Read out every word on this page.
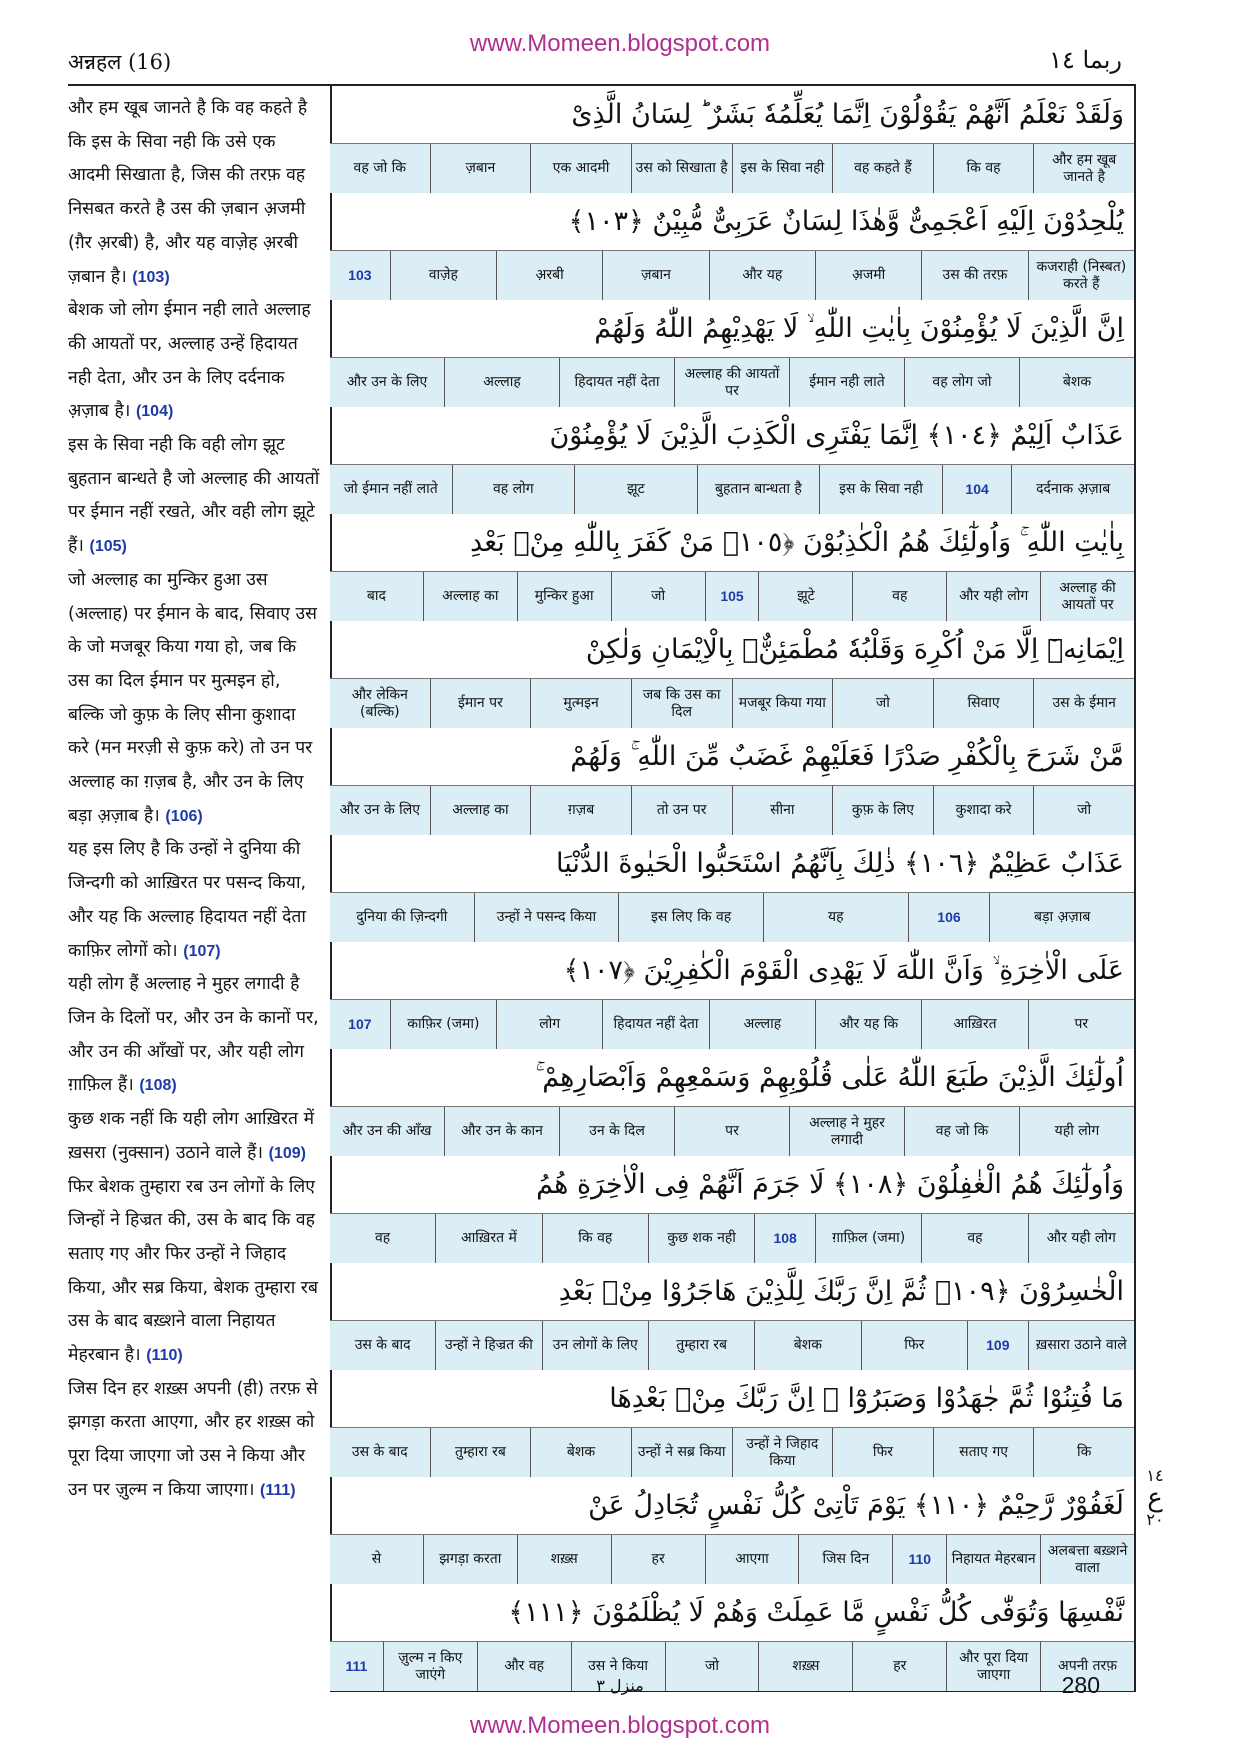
www.Momeen.blogspot.com
अन्नहल (16)	ربما ١٤

और हम खूब जानते है कि वह कहते है कि इस के सिवा नही कि उसे एक आदमी सिखाता है, जिस की तरफ़ वह निसबत करते है उस की ज़बान अ़जमी (ग़ैर अ़रबी) है, और यह वाज़ेह अ़रबी ज़बान है। (103)

बेशक जो लोग ईमान नही लाते अल्लाह की आयतों पर, अल्लाह उन्हें हिदायत नही देता, और उन के लिए दर्दनाक अ़ज़ाब है। (104)

इस के सिवा नही कि वही लोग झूट बुहतान बान्धते है जो अल्लाह की आयतों पर ईमान नहीं रखते, और वही लोग झूटे हैं। (105)

जो अल्लाह का मुन्किर हुआ उस (अल्लाह) पर ईमान के बाद, सिवाए उस के जो मजबूर किया गया हो, जब कि उस का दिल ईमान पर मुत्मइन हो, बल्कि जो कुफ़ के लिए सीना कुशादा करे (मन मरज़ी से कुफ़ करे) तो उन पर अल्लाह का ग़ज़ब है, और उन के लिए बड़ा अ़ज़ाब है। (106)

यह इस लिए है कि उन्हों ने दुनिया की जिन्दगी को आख़िरत पर पसन्द किया, और यह कि अल्लाह हिदायत नहीं देता काफ़िर लोगों को। (107)

यही लोग हैं अल्लाह ने मुहर लगादी है जिन के दिलों पर, और उन के कानों पर, और उन की आँखों पर, और यही लोग ग़ाफ़िल हैं। (108)

कुछ शक नहीं कि यही लोग आख़िरत में ख़सरा (नुक्सान) उठाने वाले हैं। (109)

फिर बेशक तुम्हारा रब उन लोगों के लिए जिन्हों ने हिज्रत की, उस के बाद कि वह सताए गए और फिर उन्हों ने जिहाद किया, और सब्र किया, बेशक तुम्हारा रब उस के बाद बख़्शने वाला निहायत मेहरबान है। (110)

जिस दिन हर शख़्स अपनी (ही) तरफ़ से झगड़ा करता आएगा, और हर शख़्स को पूरा दिया जाएगा जो उस ने किया और उन पर ज़ुल्म न किया जाएगा। (111)

وَلَقَدْ نَعْلَمُ اَنَّهُمْ يَقُوْلُوْنَ اِنَّمَا يُعَلِّمُهٗ بَشَرٌ ؕ لِسَانُ الَّذِىْ
और हम खूब जानते है
कि वह
वह कहते हैं
इस के सिवा नही
उस को सिखाता है
एक आदमी
ज़बान
वह जो कि
يُلْحِدُوْنَ اِلَيْهِ اَعْجَمِىٌّ وَّهٰذَا لِسَانٌ عَرَبِىٌّ مُّبِيْنٌ ﴿١٠٣﴾
कजराही (निस्बत) करते हैं
उस की तरफ़
अ़जमी
और यह
ज़बान
अ़रबी
वाज़ेह
103
اِنَّ الَّذِيْنَ لَا يُؤْمِنُوْنَ بِاٰيٰتِ اللّٰهِ ۙ لَا يَهْدِيْهِمُ اللّٰهُ وَلَهُمْ
बेशक
वह लोग जो
ईमान नही लाते
अल्लाह की आयतों पर
हिदायत नहीं देता
अल्लाह
और उन के लिए
عَذَابٌ اَلِيْمٌ ﴿١٠٤﴾ اِنَّمَا يَفْتَرِى الْكَذِبَ الَّذِيْنَ لَا يُؤْمِنُوْنَ
दर्दनाक अ़ज़ाब
104
इस के सिवा नही
बुहतान बान्धता है
झूट
वह लोग
जो ईमान नहीं लाते
بِاٰيٰتِ اللّٰهِ ۚ وَاُولٰٓئِكَ هُمُ الْكٰذِبُوْنَ ﴿١٠٥﴾ مَنْ كَفَرَ بِاللّٰهِ مِنْۢ بَعْدِ
अल्लाह की आयतों पर
और यही लोग
वह
झूटे
105
जो
मुन्किर हुआ
अल्लाह का
बाद
اِيْمَانِهٖٓ اِلَّا مَنْ اُكْرِهَ وَقَلْبُهٗ مُطْمَئِنٌّۢ بِالْاِيْمَانِ وَلٰكِنْ
उस के ईमान
सिवाए
जो
मजबूर किया गया
जब कि उस का दिल
मुत्मइन
ईमान पर
और लेकिन (बल्कि)
مَّنْ شَرَحَ بِالْكُفْرِ صَدْرًا فَعَلَيْهِمْ غَضَبٌ مِّنَ اللّٰهِ ۚ وَلَهُمْ
जो
कुशादा करे
कुफ़ के लिए
सीना
तो उन पर
ग़ज़ब
अल्लाह का
और उन के लिए
عَذَابٌ عَظِيْمٌ ﴿١٠٦﴾ ذٰلِكَ بِاَنَّهُمُ اسْتَحَبُّوا الْحَيٰوةَ الدُّنْيَا
बड़ा अ़ज़ाब
106
यह
इस लिए कि वह
उन्हों ने पसन्द किया
दुनिया की ज़िन्दगी
عَلَى الْاٰخِرَةِ ۙ وَاَنَّ اللّٰهَ لَا يَهْدِى الْقَوْمَ الْكٰفِرِيْنَ ﴿١٠٧﴾
पर
आख़िरत
और यह कि
अल्लाह
हिदायत नहीं देता
लोग
काफ़िर (जमा)
107
اُولٰٓئِكَ الَّذِيْنَ طَبَعَ اللّٰهُ عَلٰى قُلُوْبِهِمْ وَسَمْعِهِمْ وَاَبْصَارِهِمْ ۚ
यही लोग
वह जो कि
अल्लाह ने मुहर लगादी
पर
उन के दिल
और उन के कान
और उन की आँख
وَاُولٰٓئِكَ هُمُ الْغٰفِلُوْنَ ﴿١٠٨﴾ لَا جَرَمَ اَنَّهُمْ فِى الْاٰخِرَةِ هُمُ
और यही लोग
वह
ग़ाफ़िल (जमा)
108
कुछ शक नही
कि वह
आख़िरत में
वह
الْخٰسِرُوْنَ ﴿١٠٩﴾ ثُمَّ اِنَّ رَبَّكَ لِلَّذِيْنَ هَاجَرُوْا مِنْۢ بَعْدِ
ख़सारा उठाने वाले
109
फिर
बेशक
तुम्हारा रब
उन लोगों के लिए
उन्हों ने हिज्रत की
उस के बाद
مَا فُتِنُوْا ثُمَّ جٰهَدُوْا وَصَبَرُوْٓا ۙ اِنَّ رَبَّكَ مِنْۢ بَعْدِهَا
कि
सताए गए
फिर
उन्हों ने जिहाद किया
उन्हों ने सब्र किया
बेशक
तुम्हारा रब
उस के बाद
لَغَفُوْرٌ رَّحِيْمٌ ﴿١١٠﴾ يَوْمَ تَاْتِىْ كُلُّ نَفْسٍ تُجَادِلُ عَنْ
अलबत्ता बख़्शने वाला
निहायत मेहरबान
110
जिस दिन
आएगा
हर
शख़्स
झगड़ा करता
से
نَّفْسِهَا وَتُوَفّٰى كُلُّ نَفْسٍ مَّا عَمِلَتْ وَهُمْ لَا يُظْلَمُوْنَ ﴿١١١﴾
अपनी तरफ़
और पूरा दिया जाएगा
हर
शख़्स
जो
उस ने किया
और वह
ज़ुल्म न किए जाएंगे
111
١٤
ع
٢٠
منزل ٣	280
www.Momeen.blogspot.com
